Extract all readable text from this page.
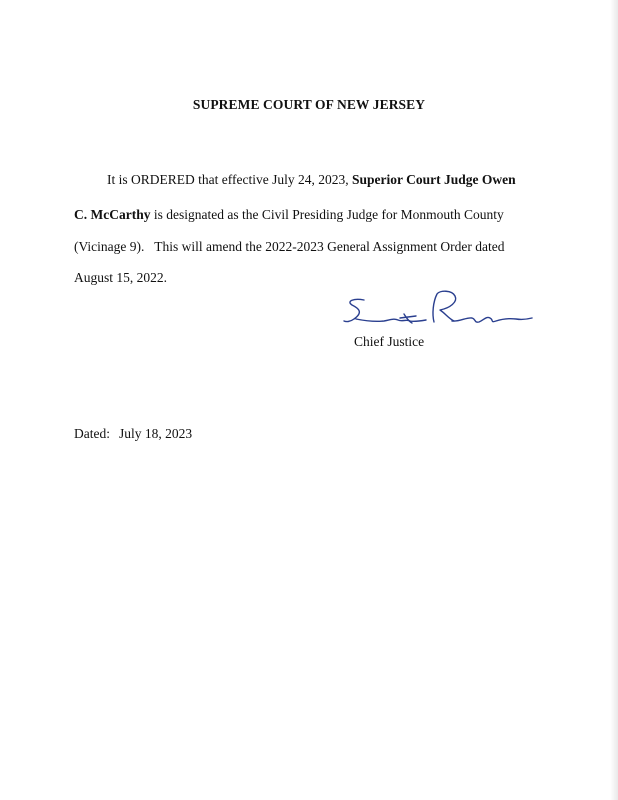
SUPREME COURT OF NEW JERSEY
It is ORDERED that effective July 24, 2023, Superior Court Judge Owen
C. McCarthy is designated as the Civil Presiding Judge for Monmouth County
(Vicinage 9).   This will amend the 2022-2023 General Assignment Order dated
August 15, 2022.
Chief Justice
Dated: July 18, 2023
